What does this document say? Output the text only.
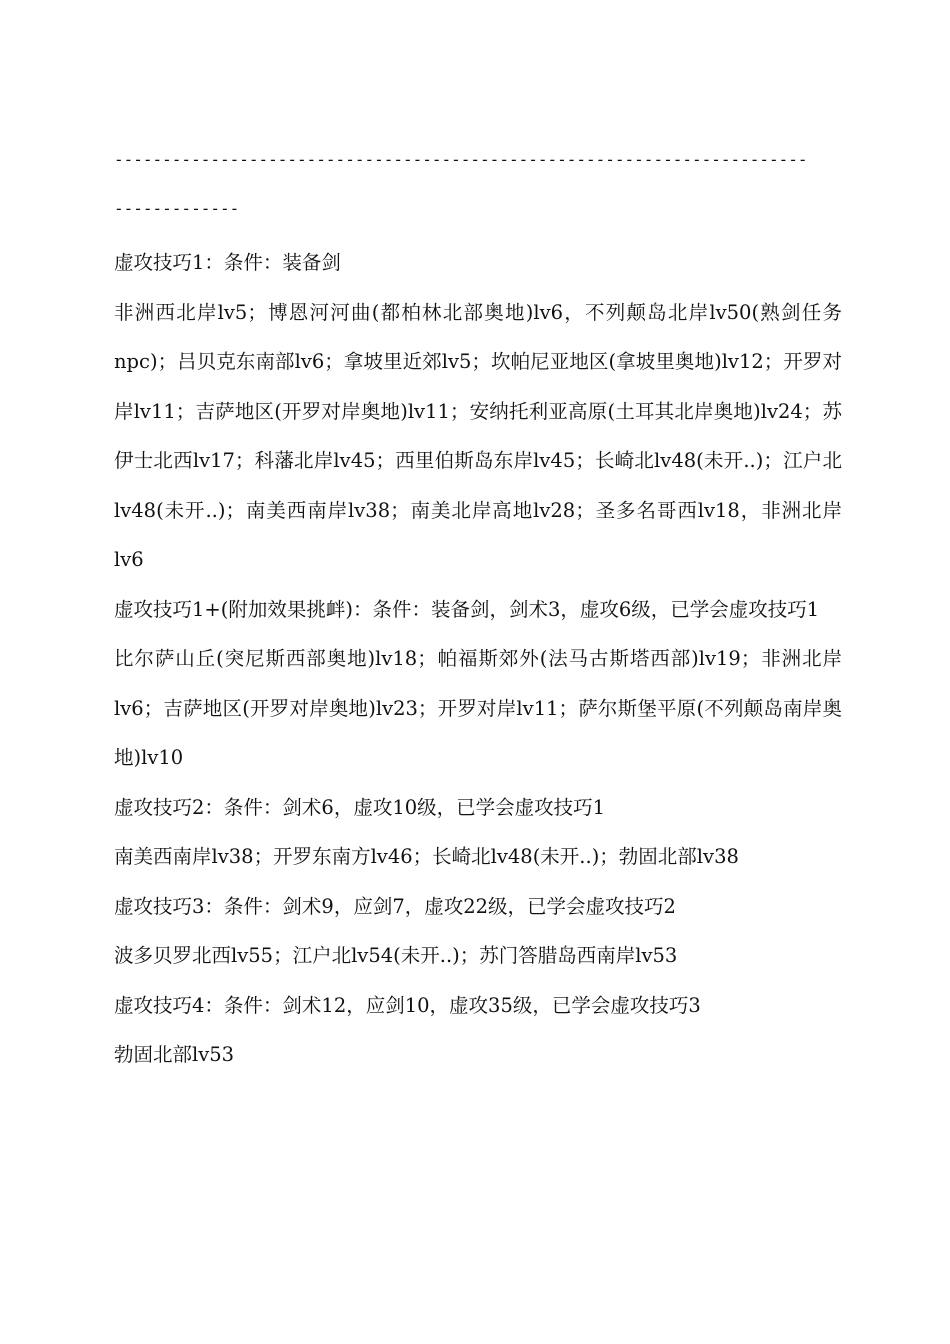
------------------------------------------------------------------------
-------------

虚攻技巧1：条件：装备剑

非洲西北岸lv5；博恩河河曲(都柏林北部奥地)lv6，不列颠岛北岸lv50(熟剑任务npc)；吕贝克东南部lv6；拿坡里近郊lv5；坎帕尼亚地区(拿坡里奥地)lv12；开罗对岸lv11；吉萨地区(开罗对岸奥地)lv11；安纳托利亚高原(土耳其北岸奥地)lv24；苏伊士北西lv17；科藩北岸lv45；西里伯斯岛东岸lv45；长崎北lv48(未开..)；江户北lv48(未开..)；南美西南岸lv38；南美北岸高地lv28；圣多名哥西lv18，非洲北岸lv6

虚攻技巧1+(附加效果挑衅)：条件：装备剑，剑术3，虚攻6级，已学会虚攻技巧1

比尔萨山丘(突尼斯西部奥地)lv18；帕福斯郊外(法马古斯塔西部)lv19；非洲北岸lv6；吉萨地区(开罗对岸奥地)lv23；开罗对岸lv11；萨尔斯堡平原(不列颠岛南岸奥地)lv10

虚攻技巧2：条件：剑术6，虚攻10级，已学会虚攻技巧1

南美西南岸lv38；开罗东南方lv46；长崎北lv48(未开..)；勃固北部lv38

虚攻技巧3：条件：剑术9，应剑7，虚攻22级，已学会虚攻技巧2

波多贝罗北西lv55；江户北lv54(未开..)；苏门答腊岛西南岸lv53

虚攻技巧4：条件：剑术12，应剑10，虚攻35级，已学会虚攻技巧3

勃固北部lv53
